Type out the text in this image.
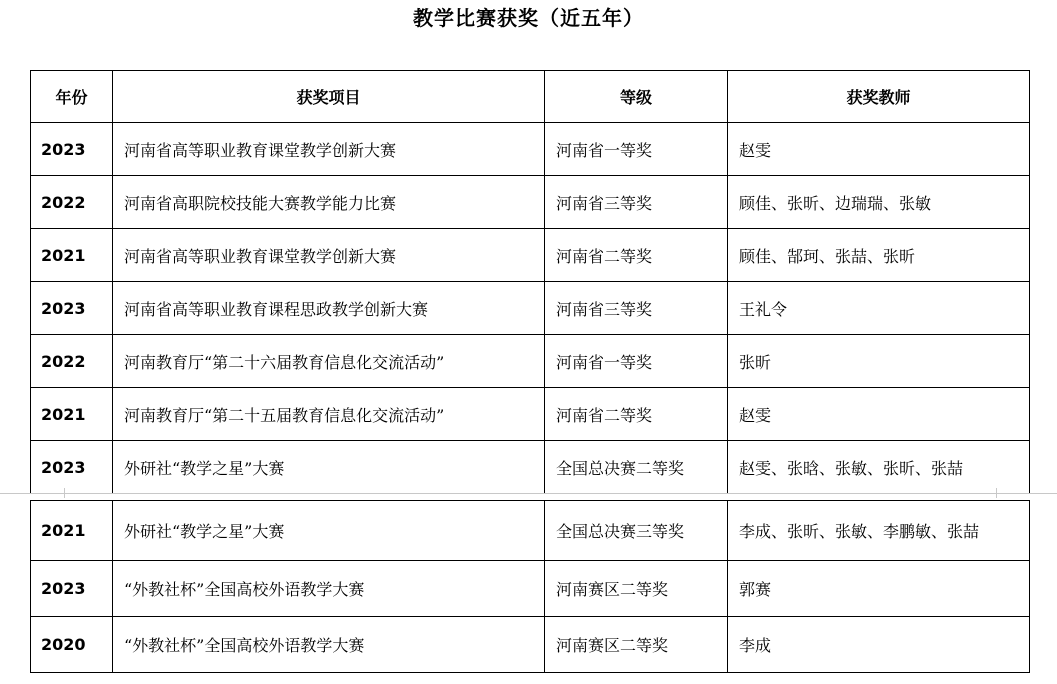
教学比赛获奖（近五年）
年份	获奖项目	等级	获奖教师
2023	河南省高等职业教育课堂教学创新大赛	河南省一等奖	赵雯
2022	河南省高职院校技能大赛教学能力比赛	河南省三等奖	顾佳、张昕、边瑞瑞、张敏
2021	河南省高等职业教育课堂教学创新大赛	河南省二等奖	顾佳、郜珂、张喆、张昕
2023	河南省高等职业教育课程思政教学创新大赛	河南省三等奖	王礼令
2022	河南教育厅“第二十六届教育信息化交流活动”	河南省一等奖	张昕
2021	河南教育厅“第二十五届教育信息化交流活动”	河南省二等奖	赵雯
2023	外研社“教学之星”大赛	全国总决赛二等奖	赵雯、张晗、张敏、张昕、张喆
2021	外研社“教学之星”大赛	全国总决赛三等奖	李成、张昕、张敏、李鹏敏、张喆
2023	“外教社杯”全国高校外语教学大赛	河南赛区二等奖	郭赛
2020	“外教社杯”全国高校外语教学大赛	河南赛区二等奖	李成
